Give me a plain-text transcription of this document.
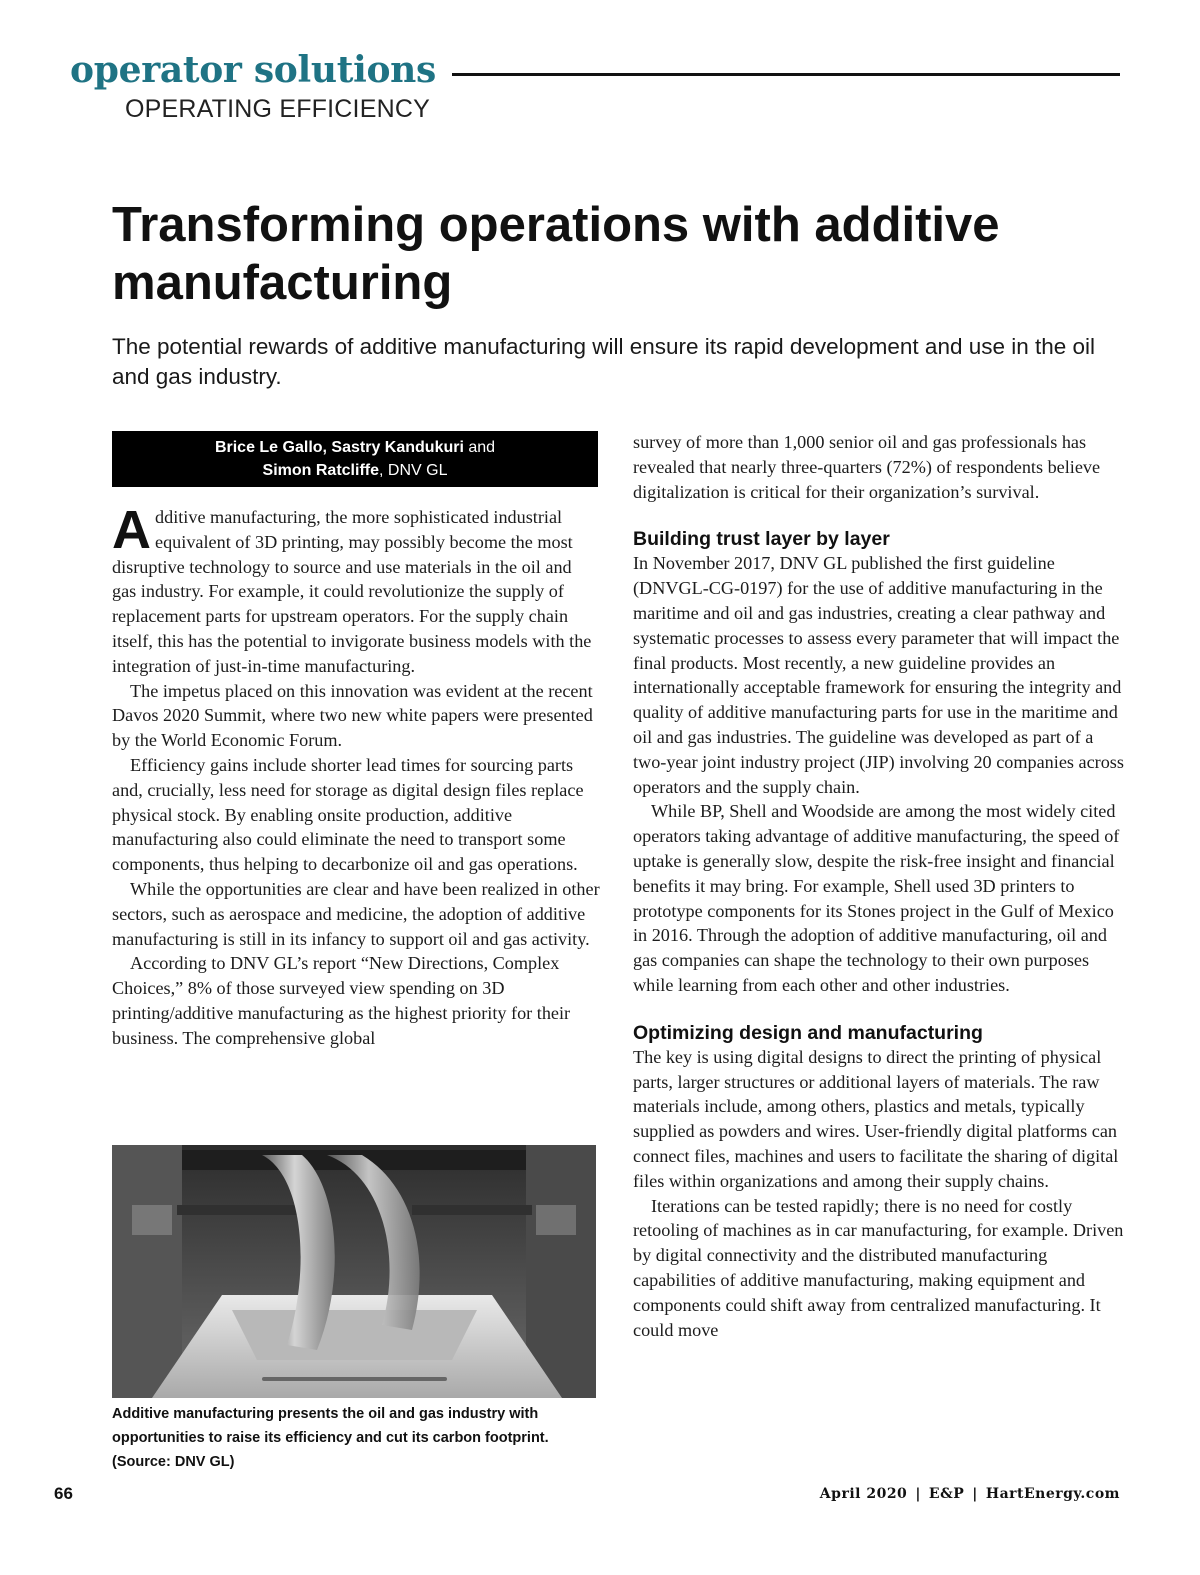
operator solutions
OPERATING EFFICIENCY
Transforming operations with additive manufacturing

The potential rewards of additive manufacturing will ensure its rapid development and use in the oil and gas industry.

Brice Le Gallo, Sastry Kandukuri and
Simon Ratcliffe, DNV GL
A dditive manufacturing, the more sophisticated industrial equivalent of 3D printing, may possibly become the most disruptive technology to source and use materials in the oil and gas industry. For example, it could revolutionize the supply of replacement parts for upstream operators. For the supply chain itself, this has the potential to invigorate business models with the integration of just-in-time manufacturing.

The impetus placed on this innovation was evident at the recent Davos 2020 Summit, where two new white papers were presented by the World Economic Forum.

Efficiency gains include shorter lead times for sourcing parts and, crucially, less need for storage as digital design files replace physical stock. By enabling onsite production, additive manufacturing also could eliminate the need to transport some components, thus helping to decarbonize oil and gas operations.

While the opportunities are clear and have been realized in other sectors, such as aerospace and medicine, the adoption of additive manufacturing is still in its infancy to support oil and gas activity.

According to DNV GL’s report “New Directions, Complex Choices,” 8% of those surveyed view spending on 3D printing/additive manufacturing as the highest priority for their business. The comprehensive global

survey of more than 1,000 senior oil and gas professionals has revealed that nearly three-quarters (72%) of respondents believe digitalization is critical for their organization’s survival.

Building trust layer by layer

In November 2017, DNV GL published the first guideline (DNVGL-CG-0197) for the use of additive manufacturing in the maritime and oil and gas industries, creating a clear pathway and systematic processes to assess every parameter that will impact the final products. Most recently, a new guideline provides an internationally acceptable framework for ensuring the integrity and quality of additive manufacturing parts for use in the maritime and oil and gas industries. The guideline was developed as part of a two-year joint industry project (JIP) involving 20 companies across operators and the supply chain.

While BP, Shell and Woodside are among the most widely cited operators taking advantage of additive manufacturing, the speed of uptake is generally slow, despite the risk-free insight and financial benefits it may bring. For example, Shell used 3D printers to prototype components for its Stones project in the Gulf of Mexico in 2016. Through the adoption of additive manufacturing, oil and gas companies can shape the technology to their own purposes while learning from each other and other industries.

Optimizing design and manufacturing

The key is using digital designs to direct the printing of physical parts, larger structures or additional layers of materials. The raw materials include, among others, plastics and metals, typically supplied as powders and wires. User-friendly digital platforms can connect files, machines and users to facilitate the sharing of digital files within organizations and among their supply chains.

Iterations can be tested rapidly; there is no need for costly retooling of machines as in car manufacturing, for example. Driven by digital connectivity and the distributed manufacturing capabilities of additive manufacturing, making equipment and components could shift away from centralized manufacturing. It could move

Additive manufacturing presents the oil and gas industry with opportunities to raise its efficiency and cut its carbon footprint.

(Source: DNV GL)

66	April 2020 | E&P | HartEnergy.com
